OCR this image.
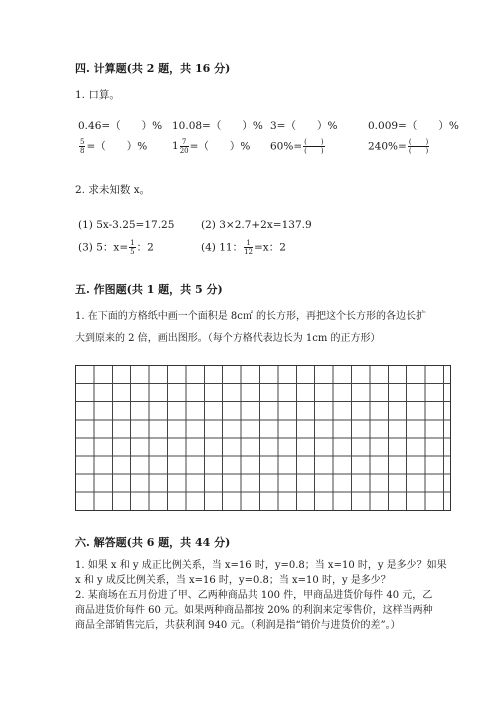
四. 计算题(共 2 题，共 16 分)
1. 口算。
0.46=（　　）% 10.08=（　　）% 3=（　　）%	0.009=（　　）%
$\frac{5}{8}$ =（　　）% $1 \frac{7}{20}$ =（　　）% $60\%= \frac{( )}{( )}$	$240\%= \frac{( )}{( )}$
2. 求未知数 x。
(1) 5x-3.25=17.25	(2) 3×2.7+2x=137.9
(3) 5：$x= \frac{1}{5}$ ：2	(4) 11： $\frac{1}{12} =x$：2
五. 作图题(共 1 题，共 5 分)
1. 在下面的方格纸中画一个面积是 8c㎡ 的长方形，再把这个长方形的各边长扩
大到原来的 2 倍，画出图形。（每个方格代表边长为 1cm 的正方形）
六. 解答题(共 6 题，共 44 分)
1. 如果 x 和 y 成正比例关系，当 x=16 时，y=0.8；当 x=10 时，y 是多少？如果
x 和 y 成反比例关系，当 x=16 时，y=0.8；当 x=10 时，y 是多少？
2. 某商场在五月份进了甲、乙两种商品共 100 件，甲商品进货价每件 40 元，乙
商品进货价每件 60 元。如果两种商品都按 20% 的利润来定零售价，这样当两种
商品全部销售完后，共获利润 940 元。（利润是指“销价与进货价的差”。）
